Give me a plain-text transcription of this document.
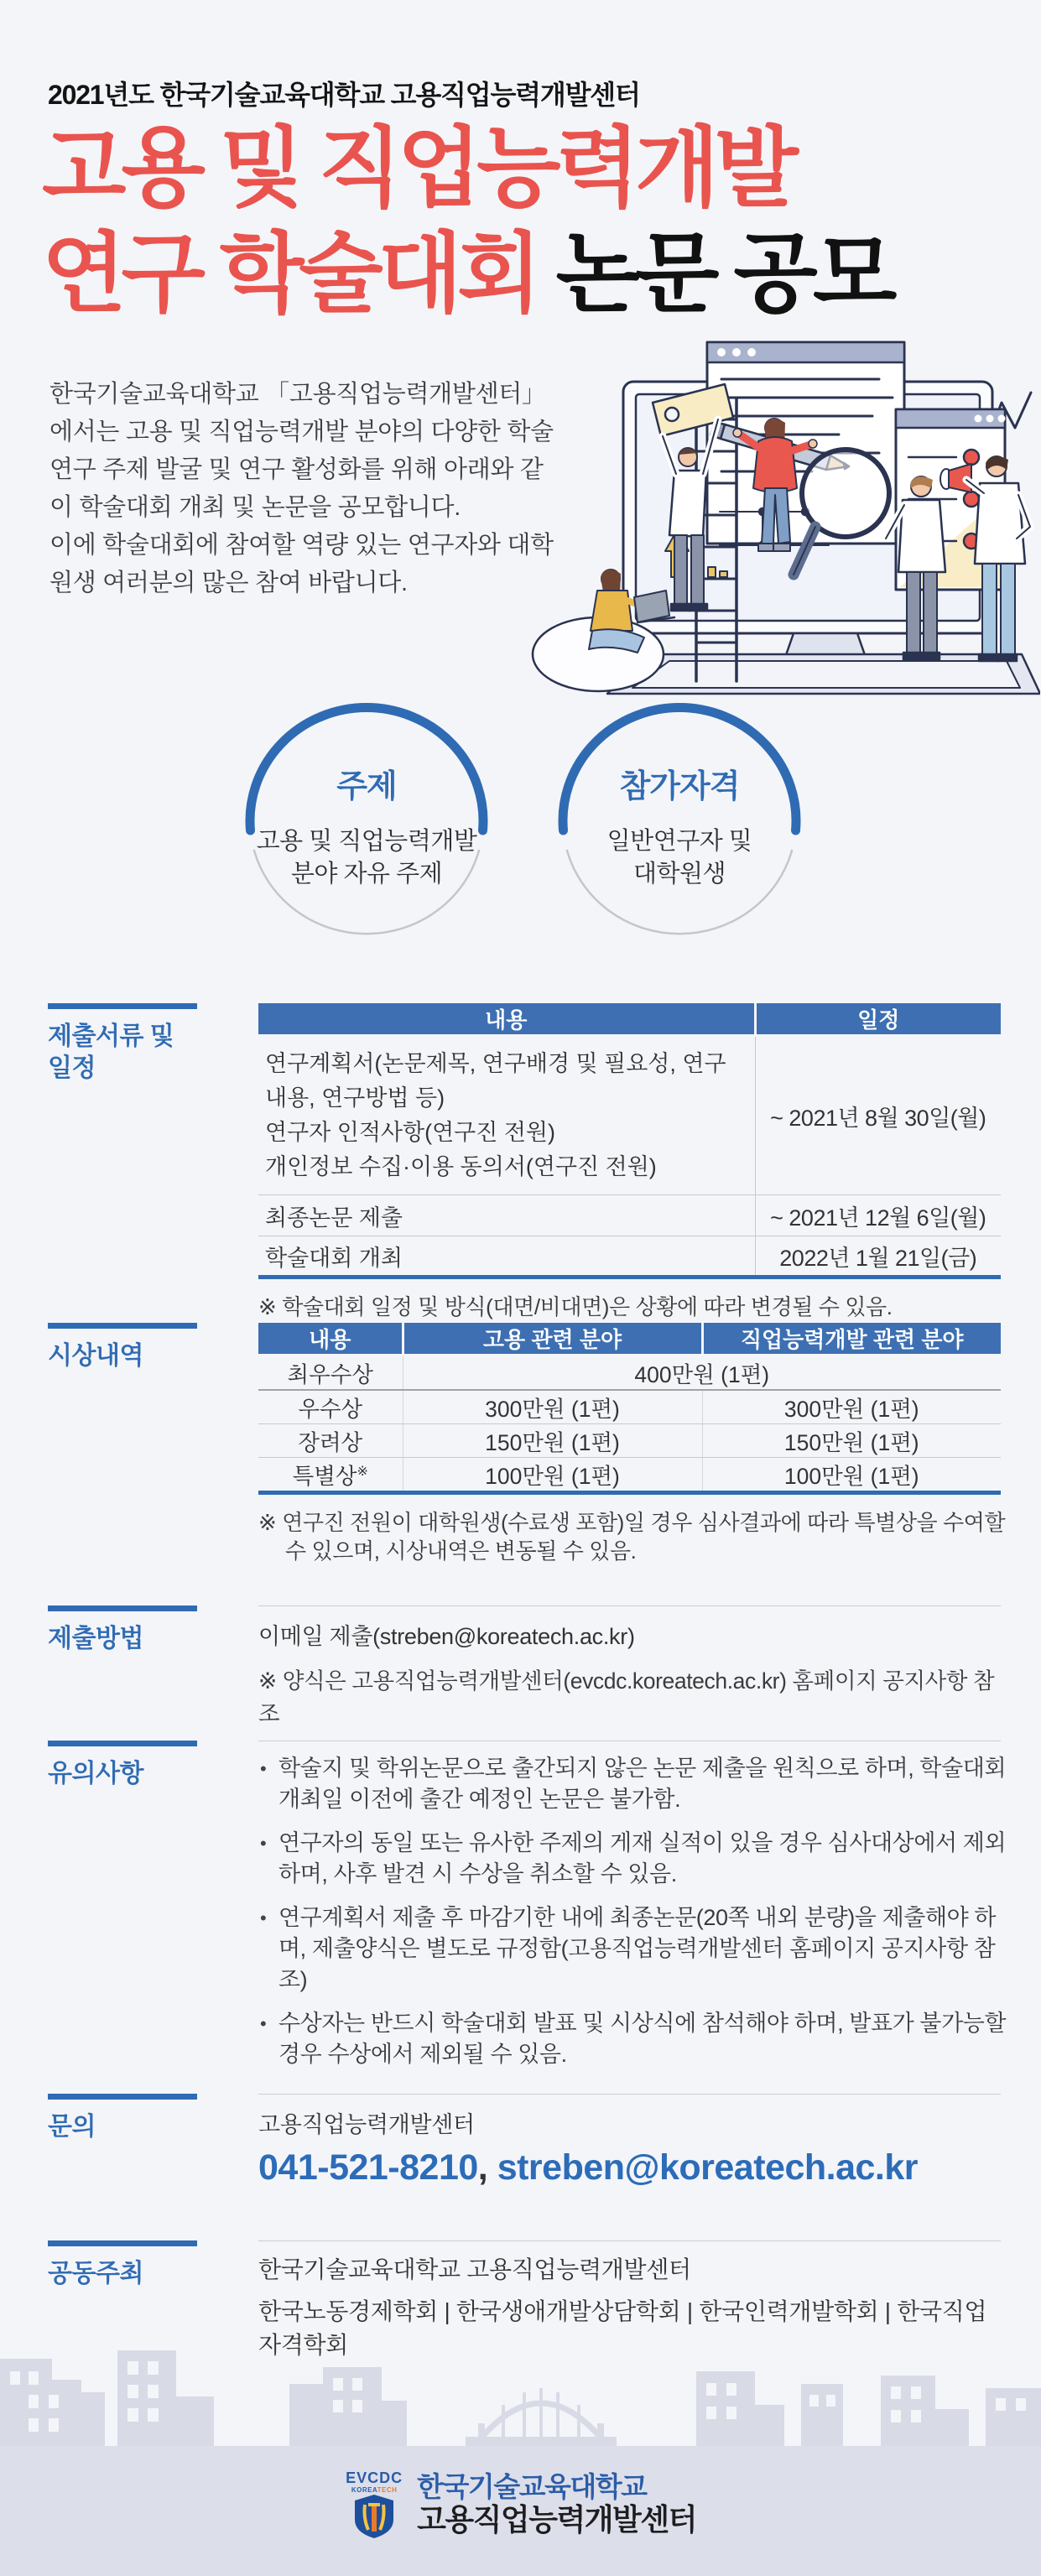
2021년도 한국기술교육대학교 고용직업능력개발센터
고용 및 직업능력개발
연구 학술대회 논문 공모

한국기술교육대학교 「고용직업능력개발센터」에서는 고용 및 직업능력개발 분야의 다양한 학술연구 주제 발굴 및 연구 활성화를 위해 아래와 같이 학술대회 개최 및 논문을 공모합니다.

이에 학술대회에 참여할 역량 있는 연구자와 대학원생 여러분의 많은 참여 바랍니다.

주제
고용 및 직업능력개발
분야 자유 주제
참가자격
일반연구자 및
대학원생
제출서류 및
일정
내용	일정

연구계획서(논문제목, 연구배경 및 필요성, 연구내용, 연구방법 등)
연구자 인적사항(연구진 전원)
개인정보 수집·이용 동의서(연구진 전원)	~ 2021년 8월 30일(월)
최종논문 제출	~ 2021년 12월 6일(월)
학술대회 개최	2022년 1월 21일(금)
※ 학술대회 일정 및 방식(대면/비대면)은 상황에 따라 변경될 수 있음.
시상내역
내용	고용 관련 분야	직업능력개발 관련 분야
최우수상	400만원 (1편)	
우수상	300만원 (1편)	300만원 (1편)
장려상	150만원 (1편)	150만원 (1편)
특별상※	100만원 (1편)	100만원 (1편)
※ 연구진 전원이 대학원생(수료생 포함)일 경우 심사결과에 따라 특별상을 수여할 수 있으며, 시상내역은 변동될 수 있음.
제출방법	이메일 제출(streben@koreatech.ac.kr)
※ 양식은 고용직업능력개발센터(evcdc.koreatech.ac.kr) 홈페이지 공지사항 참조
유의사항	• 학술지 및 학위논문으로 출간되지 않은 논문 제출을 원칙으로 하며, 학술대회 개최일 이전에 출간 예정인 논문은 불가함.
• 연구자의 동일 또는 유사한 주제의 게재 실적이 있을 경우 심사대상에서 제외하며, 사후 발견 시 수상을 취소할 수 있음.
• 연구계획서 제출 후 마감기한 내에 최종논문(20쪽 내외 분량)을 제출해야 하며, 제출양식은 별도로 규정함(고용직업능력개발센터 홈페이지 공지사항 참조)
• 수상자는 반드시 학술대회 발표 및 시상식에 참석해야 하며, 발표가 불가능할 경우 수상에서 제외될 수 있음.
문의	고용직업능력개발센터
041-521-8210, streben@koreatech.ac.kr
공동주최	한국기술교육대학교 고용직업능력개발센터
한국노동경제학회 | 한국생애개발상담학회 | 한국인력개발학회 | 한국직업자격학회
EVCDC
KOREATECH 한국기술교육대학교
고용직업능력개발센터
